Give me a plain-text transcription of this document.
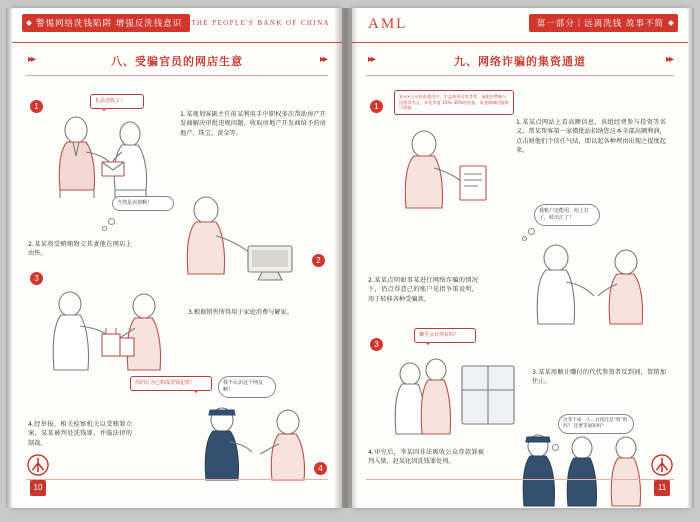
警惕网络洗钱陷阱 增强反洗钱意识	THE PEOPLE'S BANK OF CHINA
▸▸	八、受骗官员的网店生意	▸▸
1
礼品送收了！
1.某视划客副主任前某利用手中职权多次帮助房产开发商解决审批违规问题，收取房地产开发商给予的房地产、珠宝、黄金等。
当然是卖掉啊！
2.某某将受贿贿物交其妻他在网店上由售。
2
3
3.根据销售所得用于家庭消费与解家。
你的行为已构成洗钱犯罪！	我不认识这个网友啊！
4.经举报，相关检察机关以受贿罪立案，某某被判处洗钱罪，并临法律的制裁。
4
10
AML	第一部分｜远离洗钱 故事不简
▸▸	九、网络诈骗的集资通道	▸▸
1
亚××公司投资派用户，生益来资开发等等，该组经费参与投资等名义，年化率度 15%–30%的回报，本金保障回报时可领取。
1.某某点网站上看高额信息，该组经费参与投资等名义，帮某帮客第一家微批站招纳您这本全部高额利润，点击财他们个信任气结，即以起各种理由出现之提度起来。
我账户还能用，给上打了，转出汇了！
2.某某点明如事某进行网络诈骗的情况下，仍点得意己的账户见指争策说明，用于转移各种受骗款。
3
赚半会计得有吗？
3.某某周顺计赚付的代代参资者反到间，贺销加住止。
这等不成一人…这钱还是“资”的吗？ 还要等通知吗？
4.审究后，李某因非法吸收公众存款罪被判入狱，赵某化因洗钱罪处刑。
11
